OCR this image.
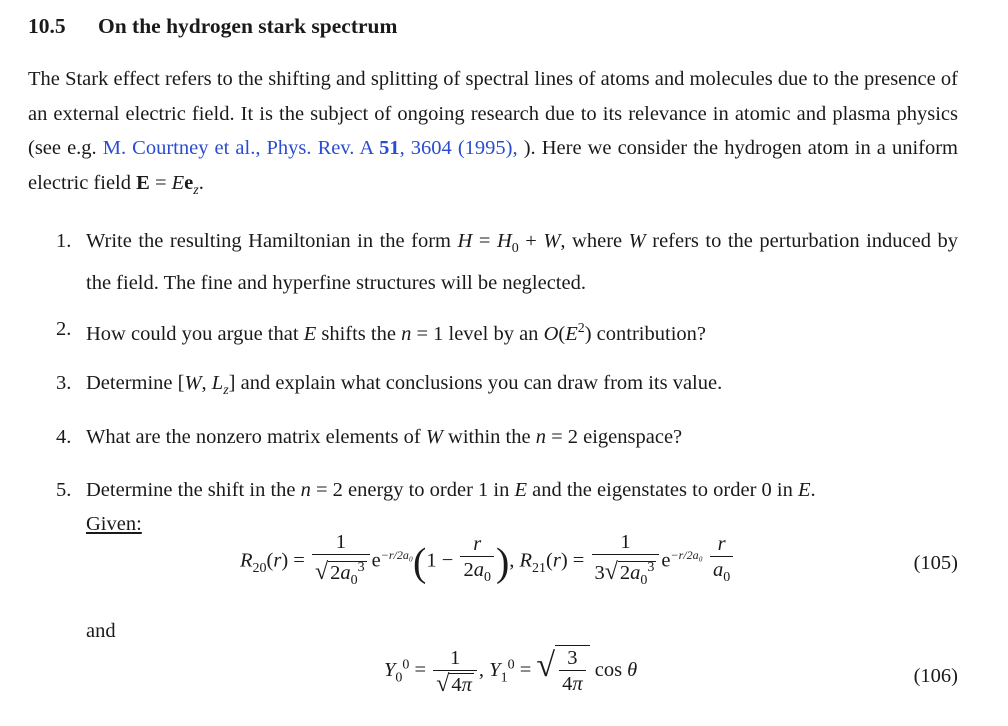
10.5 On the hydrogen stark spectrum

The Stark effect refers to the shifting and splitting of spectral lines of atoms and molecules due to the presence of an external electric field. It is the subject of ongoing research due to its relevance in atomic and plasma physics (see e.g. M. Courtney et al., Phys. Rev. A 51, 3604 (1995), ). Here we consider the hydrogen atom in a uniform electric field $E = Ee_z$.

1. Write the resulting Hamiltonian in the form $H = H_0 + W$, where W refers to the perturbation induced by the field. The fine and hyperfine structures will be neglected.
2. How could you argue that E shifts the n = 1 level by an $O(E^2)$ contribution?
3. Determine [W, $L_z$] and explain what conclusions you can draw from its value.
4. What are the nonzero matrix elements of W within the n = 2 eigenspace?
5. Determine the shift in the n = 2 energy to order 1 in E and the eigenstates to order 0 in E.

Given:

$R_{20}(r) = \frac{1}{√2a_0^3} e^{-r/2a_0}(1 - \frac{r}{2a_0}$ ), $R_{21}(r) = \frac{1}{3√2a_0^3} e^{-r/2a_0} \frac{r}{a_0}$	(105)

and

$Y_0^0 = \frac{1}{√4\pi}$ , $Y_1^0$ = √ $\frac{3}{4\pi}$ cos θ	(106)
